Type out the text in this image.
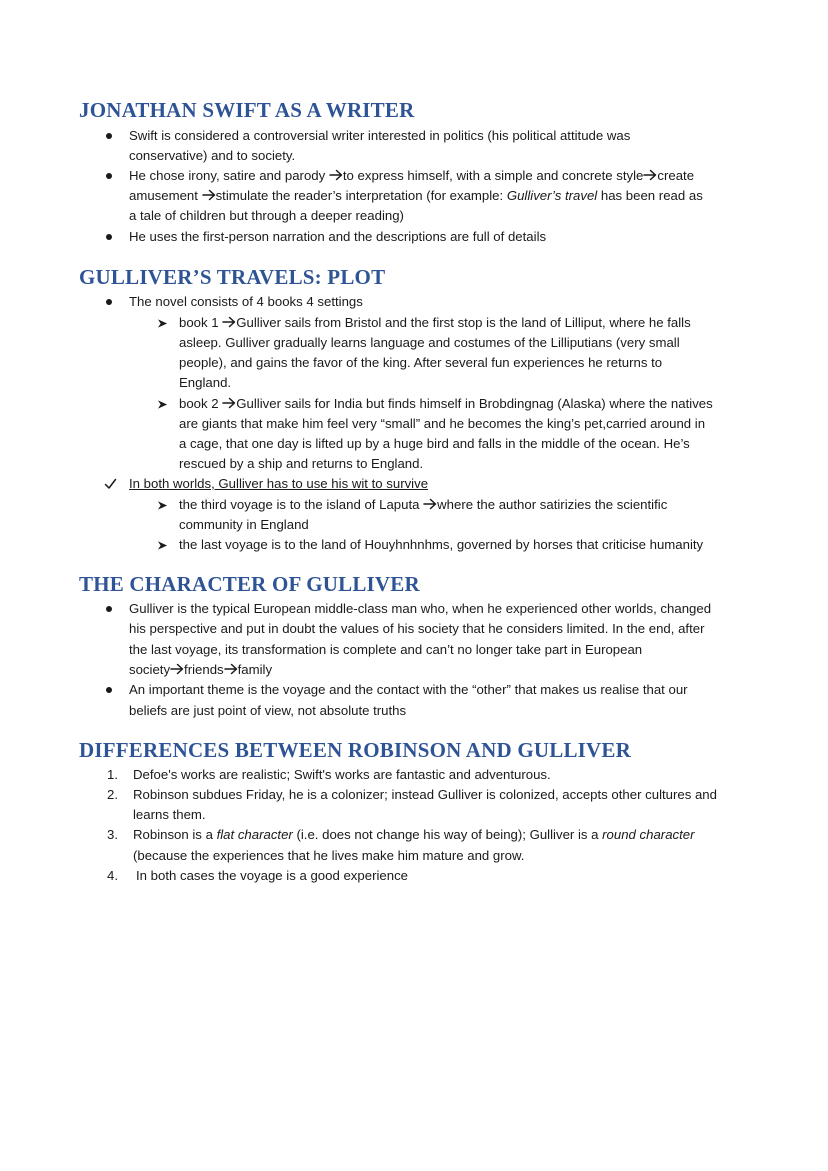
JONATHAN SWIFT AS A WRITER
Swift is considered a controversial writer interested in politics (his political attitude was
conservative) and to society.
He chose irony, satire and parody to express himself, with a simple and concrete style create
amusement stimulate the reader’s interpretation (for example: Gulliver’s travel has been read as
a tale of children but through a deeper reading)
He uses the first-person narration and the descriptions are full of details
GULLIVER’S TRAVELS: PLOT
The novel consists of 4 books 4 settings
book 1 Gulliver sails from Bristol and the first stop is the land of Lilliput, where he falls
asleep. Gulliver gradually learns language and costumes of the Lilliputians (very small
people), and gains the favor of the king. After several fun experiences he returns to
England.
book 2 Gulliver sails for India but finds himself in Brobdingnag (Alaska) where the natives
are giants that make him feel very “small” and he becomes the king’s pet,carried around in
a cage, that one day is lifted up by a huge bird and falls in the middle of the ocean. He’s
rescued by a ship and returns to England.
In both worlds, Gulliver has to use his wit to survive
the third voyage is to the island of Laputa where the author satirizies the scientific
community in England
the last voyage is to the land of Houyhnhnhms, governed by horses that criticise humanity
THE CHARACTER OF GULLIVER
Gulliver is the typical European middle-class man who, when he experienced other worlds, changed
his perspective and put in doubt the values of his society that he considers limited. In the end, after
the last voyage, its transformation is complete and can’t no longer take part in European
society friends family
An important theme is the voyage and the contact with the “other” that makes us realise that our
beliefs are just point of view, not absolute truths
DIFFERENCES BETWEEN ROBINSON AND GULLIVER
1. Defoe's works are realistic; Swift's works are fantastic and adventurous.
2. Robinson subdues Friday, he is a colonizer; instead Gulliver is colonized, accepts other cultures and
learns them.
3. Robinson is a flat character (i.e. does not change his way of being); Gulliver is a round character
(because the experiences that he lives make him mature and grow.
4. In both cases the voyage is a good experience
